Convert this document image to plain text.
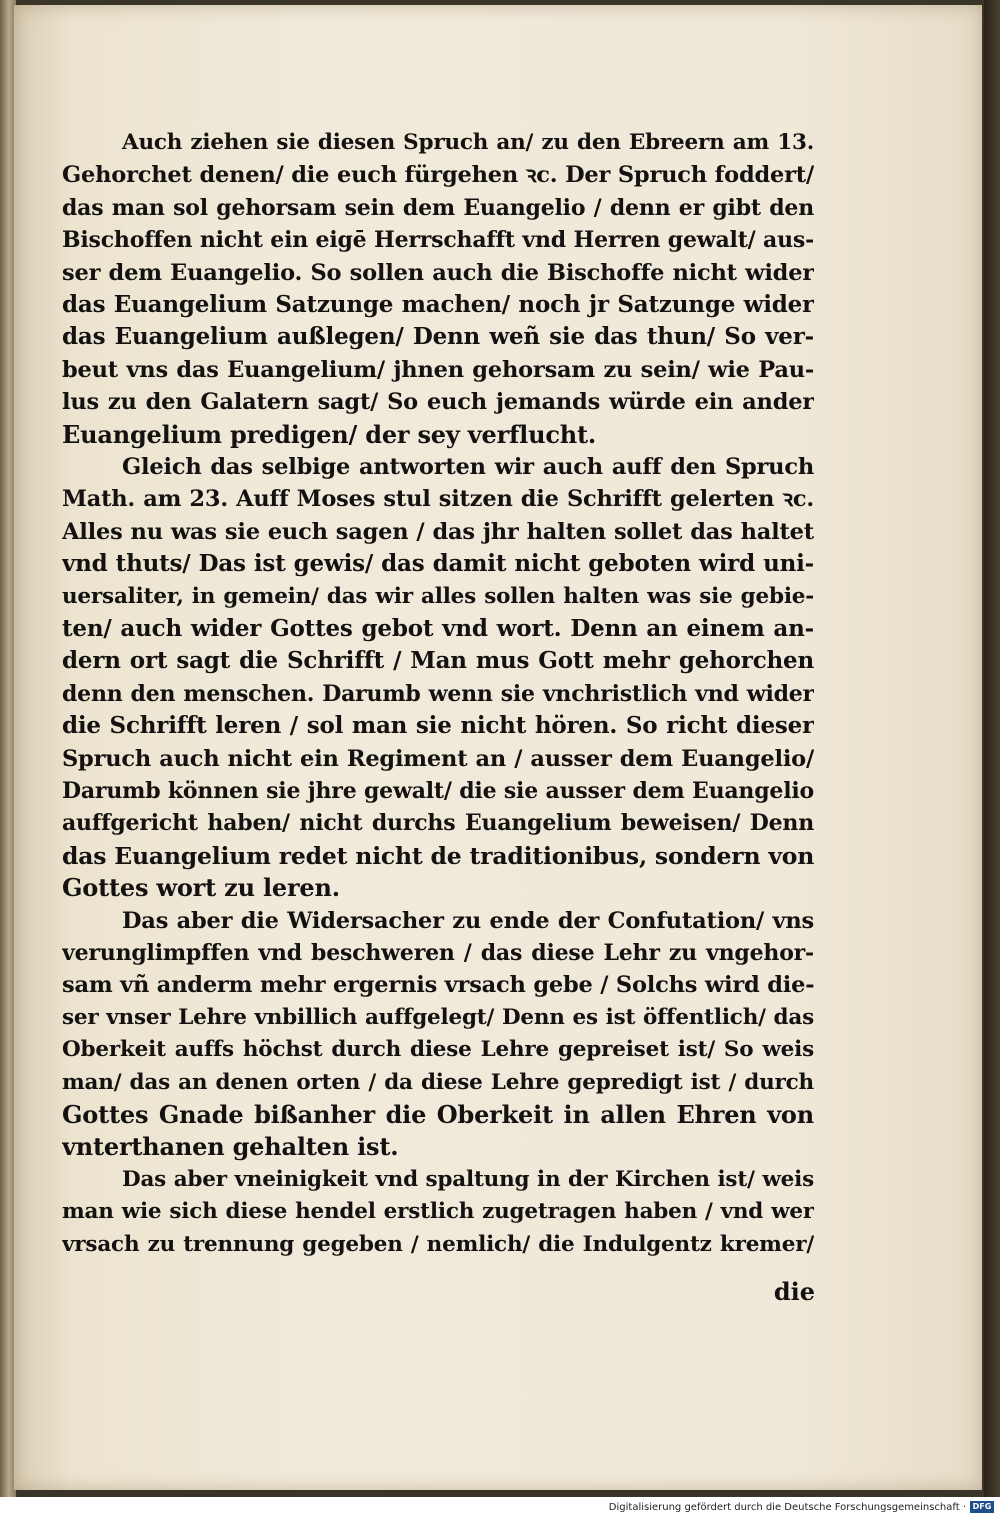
Auch ziehen sie diesen Spruch an/ zu den Ebreern am 13.
Gehorchet denen/ die euch fürgehen ꝛc. Der Spruch foddert/
das man sol gehorsam sein dem Euangelio / denn er gibt den
Bischoffen nicht ein eigē Herrschafft vnd Herren gewalt/ aus-
ser dem Euangelio. So sollen auch die Bischoffe nicht wider
das Euangelium Satzunge machen/ noch jr Satzunge wider
das Euangelium außlegen/ Denn weñ sie das thun/ So ver-
beut vns das Euangelium/ jhnen gehorsam zu sein/ wie Pau-
lus zu den Galatern sagt/ So euch jemands würde ein ander
Euangelium predigen/ der sey verflucht.
Gleich das selbige antworten wir auch auff den Spruch
Math. am 23. Auff Moses stul sitzen die Schrifft gelerten ꝛc.
Alles nu was sie euch sagen / das jhr halten sollet das haltet
vnd thuts/ Das ist gewis/ das damit nicht geboten wird uni-
uersaliter, in gemein/ das wir alles sollen halten was sie gebie-
ten/ auch wider Gottes gebot vnd wort. Denn an einem an-
dern ort sagt die Schrifft / Man mus Gott mehr gehorchen
denn den menschen. Darumb wenn sie vnchristlich vnd wider
die Schrifft leren / sol man sie nicht hören. So richt dieser
Spruch auch nicht ein Regiment an / ausser dem Euangelio/
Darumb können sie jhre gewalt/ die sie ausser dem Euangelio
auffgericht haben/ nicht durchs Euangelium beweisen/ Denn
das Euangelium redet nicht de traditionibus, sondern von
Gottes wort zu leren.
Das aber die Widersacher zu ende der Confutation/ vns
verunglimpffen vnd beschweren / das diese Lehr zu vngehor-
sam vñ anderm mehr ergernis vrsach gebe / Solchs wird die-
ser vnser Lehre vnbillich auffgelegt/ Denn es ist öffentlich/ das
Oberkeit auffs höchst durch diese Lehre gepreiset ist/ So weis
man/ das an denen orten / da diese Lehre gepredigt ist / durch
Gottes Gnade bißanher die Oberkeit in allen Ehren von
vnterthanen gehalten ist.
Das aber vneinigkeit vnd spaltung in der Kirchen ist/ weis
man wie sich diese hendel erstlich zugetragen haben / vnd wer
vrsach zu trennung gegeben / nemlich/ die Indulgentz kremer/
die
Digitalisierung gefördert durch die Deutsche Forschungsgemeinschaft · DFG
